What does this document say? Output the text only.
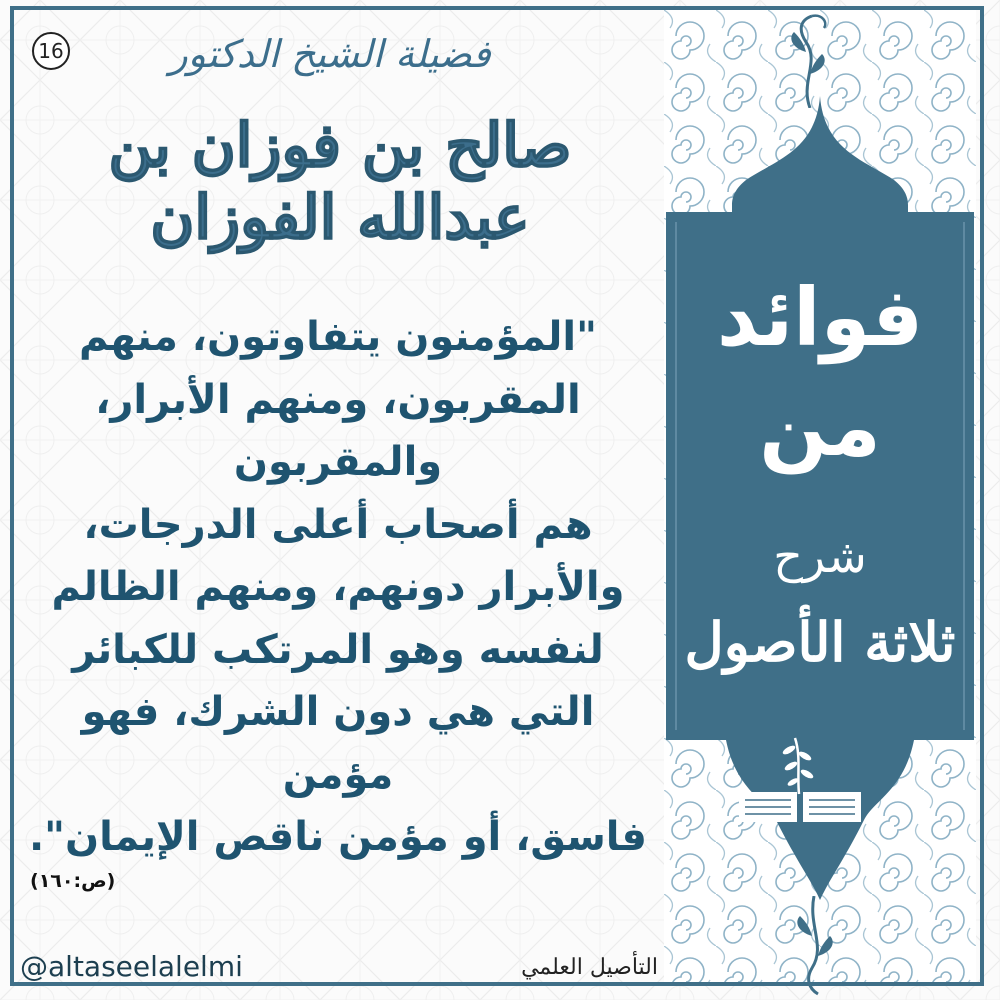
16	فضيلة الشيخ الدكتور
صالح بن فوزان بن عبدالله الفوزان
"المؤمنون يتفاوتون، منهم
المقربون، ومنهم الأبرار، والمقربون
هم أصحاب أعلى الدرجات،
والأبرار دونهم، ومنهم الظالم
لنفسه وهو المرتكب للكبائر
التي هي دون الشرك، فهو مؤمن
فاسق، أو مؤمن ناقص الإيمان".
(ص:١٦٠)
فوائد
من
شرح
ثلاثة الأصول
@altaseelalelmi	التأصيل العلمي
